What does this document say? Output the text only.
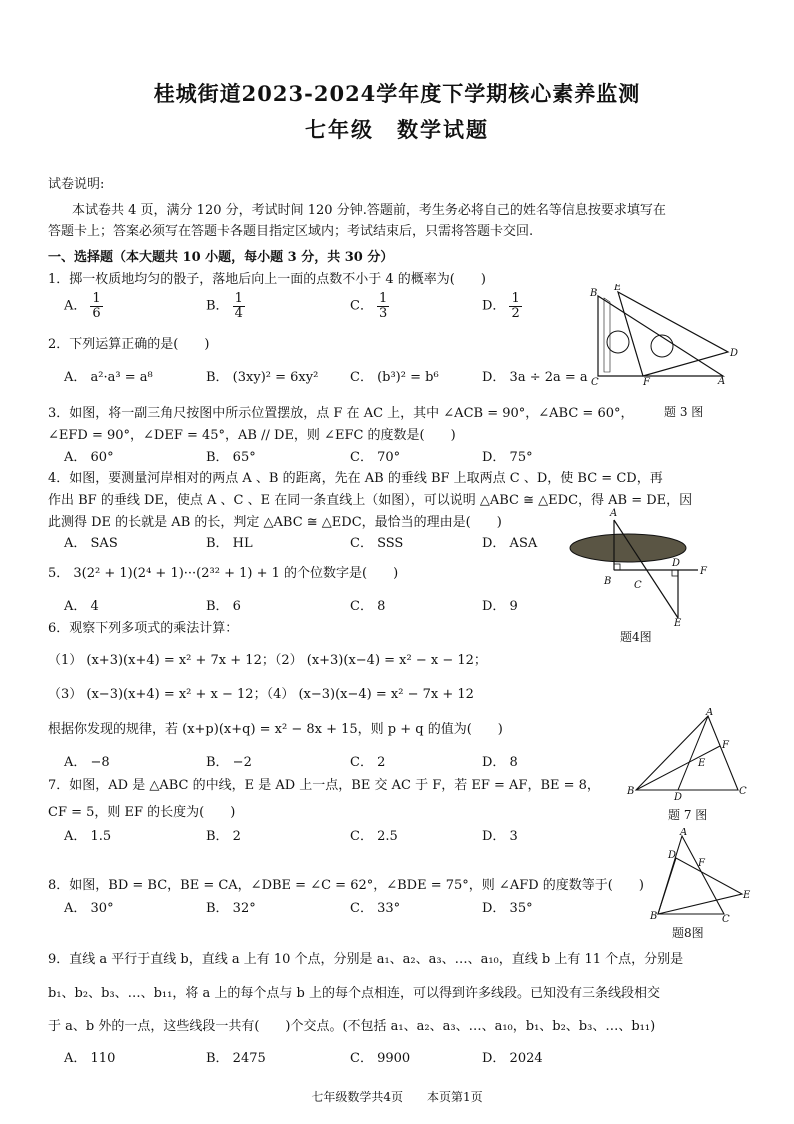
桂城街道2023-2024学年度下学期核心素养监测
七年级　数学试题
试卷说明:
本试卷共 4 页，满分 120 分，考试时间 120 分钟.答题前，考生务必将自己的姓名等信息按要求填写在
答题卡上；答案必须写在答题卡各题目指定区域内；考试结束后，只需将答题卡交回.
一、选择题（本大题共 10 小题，每小题 3 分，共 30 分）
1．掷一枚质地均匀的骰子，落地后向上一面的点数不小于 4 的概率为(　　)
A． $\frac{1}{6}$	B． $\frac{1}{4}$	C． $\frac{1}{3}$	D． $\frac{1}{2}$
2．下列运算正确的是(　　)
A． a²·a³ = a⁸	B． (3xy)² = 6xy² C． (b³)² = b⁶	D． 3a ÷ 2a = a
B
E
D
C	F	A
3．如图，将一副三角尺按图中所示位置摆放，点 F 在 AC 上，其中 ∠ACB = 90°，∠ABC = 60°，	题 3 图
∠EFD = 90°，∠DEF = 45°，AB // DE，则 ∠EFC 的度数是(　　)
A． 60°	B． 65°	C． 70°	D． 75°
4．如图，要测量河岸相对的两点 A 、B 的距离，先在 AB 的垂线 BF 上取两点 C 、D，使 BC = CD，再
作出 BF 的垂线 DE，使点 A 、C 、E 在同一条直线上（如图），可以说明 △ABC ≅ △EDC，得 AB = DE，因
此测得 DE 的长就是 AB 的长，判定 △ABC ≅ △EDC，最恰当的理由是(　　)
A． SAS	B． HL	C． SSS	D． ASA
A
B C
D
F
E
5． 3(2² + 1)(2⁴ + 1)···(2³² + 1) + 1 的个位数字是(　　)
A． 4	B． 6	C． 8	D． 9
题4图
6．观察下列多项式的乘法计算：
（1） (x+3)(x+4) = x² + 7x + 12；（2） (x+3)(x−4) = x² − x − 12；
（3） (x−3)(x+4) = x² + x − 12；（4） (x−3)(x−4) = x² − 7x + 12
根据你发现的规律，若 (x+p)(x+q) = x² − 8x + 15，则 p + q 的值为(　　)
A． −8	B． −2	C． 2	D． 8
A
F
E
B
D
C
题 7 图
7．如图，AD 是 △ABC 的中线，E 是 AD 上一点，BE 交 AC 于 F，若 EF = AF，BE = 8，
CF = 5，则 EF 的长度为(　　)
A． 1.5	B． 2	C． 2.5	D． 3	A
D
F
E
B	C
题8图
8．如图，BD = BC，BE = CA，∠DBE = ∠C = 62°，∠BDE = 75°，则 ∠AFD 的度数等于(　　)
A． 30°	B． 32°	C． 33°	D． 35°
9．直线 a 平行于直线 b，直线 a 上有 10 个点，分别是 a₁、a₂、a₃、…、a₁₀，直线 b 上有 11 个点，分别是
b₁、b₂、b₃、…、b₁₁，将 a 上的每个点与 b 上的每个点相连，可以得到许多线段。已知没有三条线段相交
于 a、b 外的一点，这些线段一共有(　　)个交点。(不包括 a₁、a₂、a₃、…、a₁₀，b₁、b₂、b₃、…、b₁₁)
A． 110	B． 2475	C． 9900	D． 2024
七年级数学共4页　　本页第1页
